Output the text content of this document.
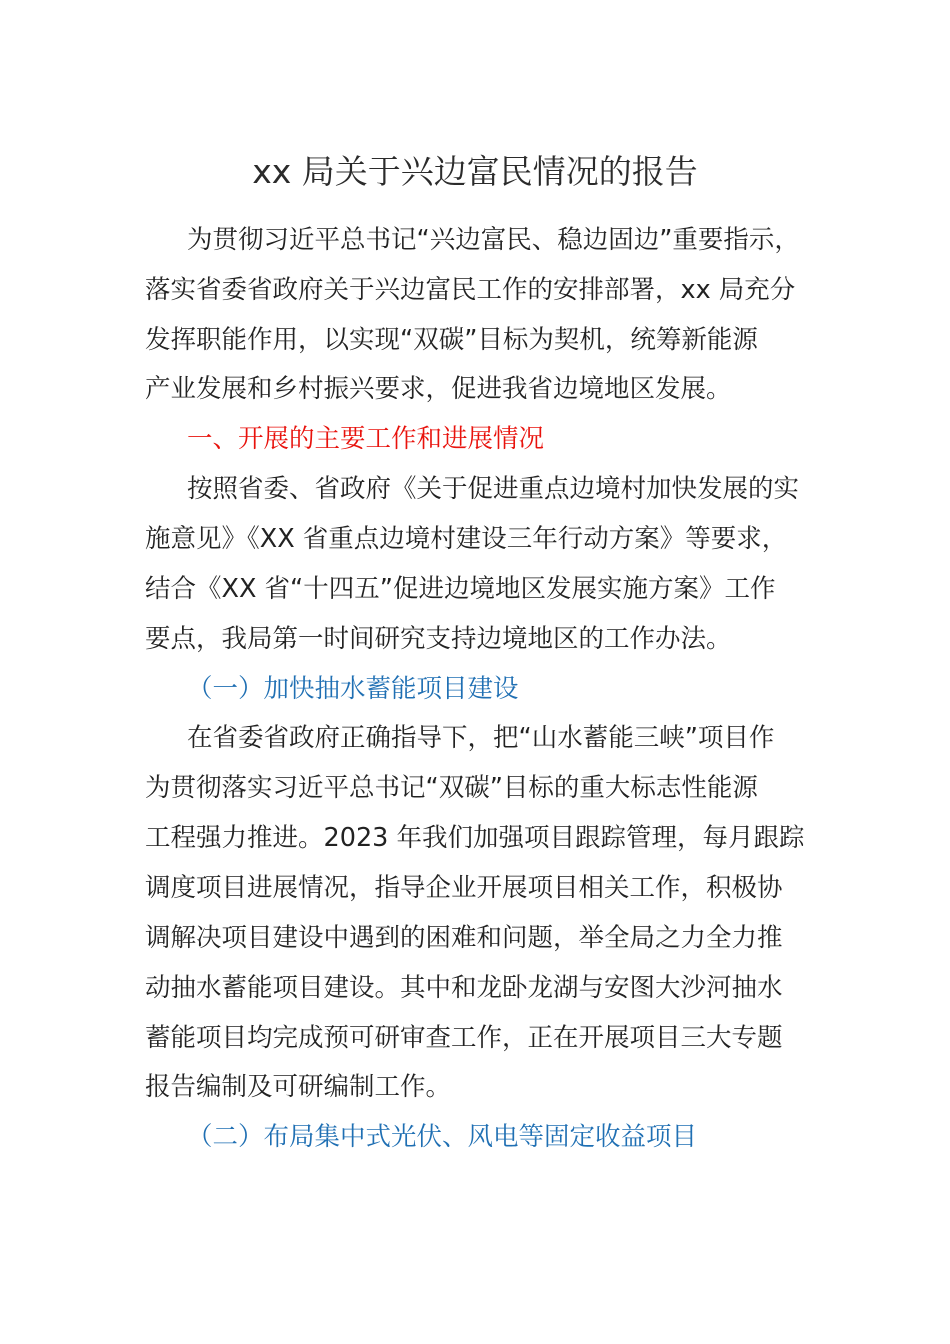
xx 局关于兴边富民情况的报告
为贯彻习近平总书记“兴边富民、稳边固边”重要指示，
落实省委省政府关于兴边富民工作的安排部署，xx 局充分
发挥职能作用，以实现“双碳”目标为契机，统筹新能源
产业发展和乡村振兴要求，促进我省边境地区发展。
一、开展的主要工作和进展情况
按照省委、省政府《关于促进重点边境村加快发展的实
施意见》《XX 省重点边境村建设三年行动方案》等要求，
结合《XX 省“十四五”促进边境地区发展实施方案》工作
要点，我局第一时间研究支持边境地区的工作办法。
（一）加快抽水蓄能项目建设
在省委省政府正确指导下，把“山水蓄能三峡”项目作
为贯彻落实习近平总书记“双碳”目标的重大标志性能源
工程强力推进。2023 年我们加强项目跟踪管理，每月跟踪
调度项目进展情况，指导企业开展项目相关工作，积极协
调解决项目建设中遇到的困难和问题，举全局之力全力推
动抽水蓄能项目建设。其中和龙卧龙湖与安图大沙河抽水
蓄能项目均完成预可研审查工作，正在开展项目三大专题
报告编制及可研编制工作。
（二）布局集中式光伏、风电等固定收益项目
